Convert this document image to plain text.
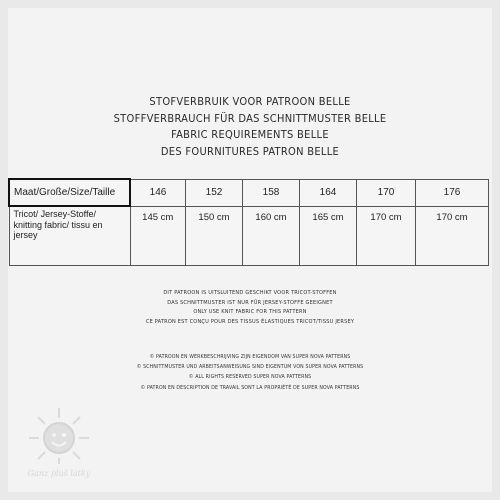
STOFVERBRUIK VOOR PATROON BELLE
STOFFVERBRAUCH FÜR DAS SCHNITTMUSTER BELLE
FABRIC REQUIREMENTS BELLE
DES FOURNITURES PATRON BELLE
Maat/Große/Size/Taille	146	152	158	164	170	176
Tricot/ Jersey-Stoffe/ knitting fabric/ tissu en jersey	145 cm	150 cm	160 cm	165 cm	170 cm	170 cm
DIT PATROON IS UITSLUITEND GESCHIKT VOOR TRICOT-STOFFEN
DAS SCHNITTMUSTER IST NUR FÜR JERSEY-STOFFE GEEIGNET
ONLY USE KNIT FABRIC FOR THIS PATTERN
CE PATRON EST CONÇU POUR DES TISSUS ÉLASTIQUES TRICOT/TISSU JERSEY
© PATROON EN WERKBESCHRIJVING ZIJN EIGENDOM VAN SUPER NOVA PATTERNS
© SCHNITTMUSTER UND ARBEITSANWEISUNG SIND EIGENTUM VON SUPER NOVA PATTERNS
© ALL RIGHTS RESERVED SUPER NOVA PATTERNS
© PATRON EN DESCRIPTION DE TRAVAIL SONT LA PROPRIÉTÉ DE SUPER NOVA PATTERNS
Ganz pluš látky
